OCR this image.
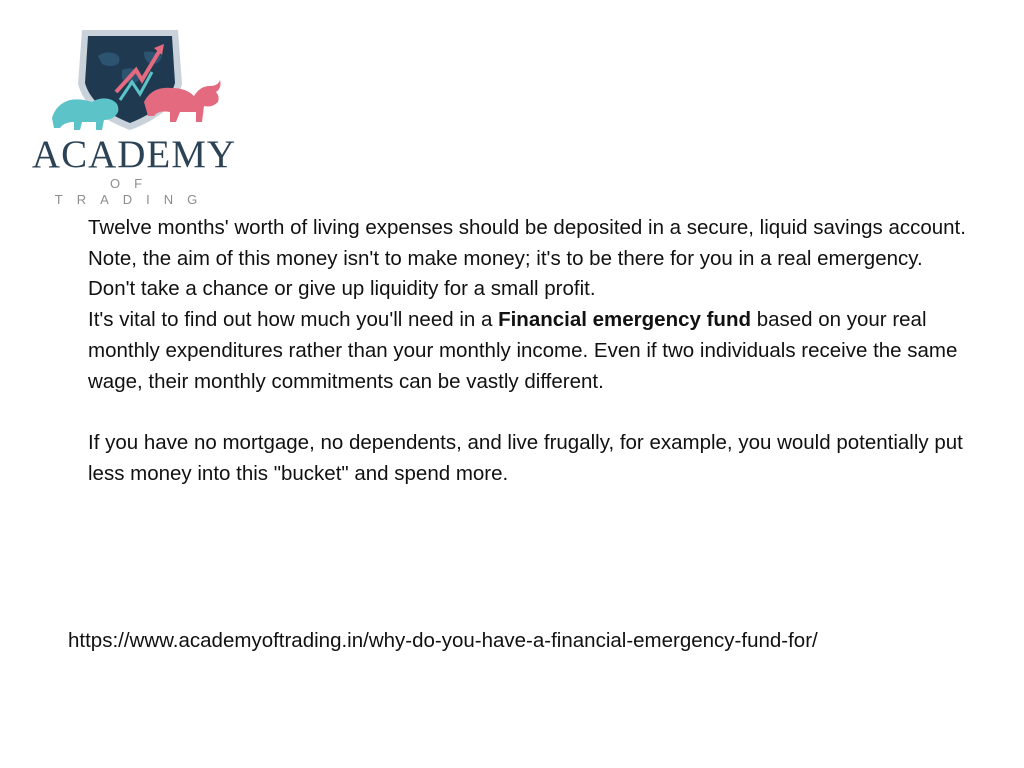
ACADEMY
OF TRADING

Twelve months' worth of living expenses should be deposited in a secure, liquid savings account. Note, the aim of this money isn't to make money; it's to be there for you in a real emergency. Don't take a chance or give up liquidity for a small profit.

It's vital to find out how much you'll need in a Financial emergency fund based on your real monthly expenditures rather than your monthly income. Even if two individuals receive the same wage, their monthly commitments can be vastly different.

If you have no mortgage, no dependents, and live frugally, for example, you would potentially put less money into this "bucket" and spend more.

https://www.academyoftrading.in/why-do-you-have-a-financial-emergency-fund-for/
